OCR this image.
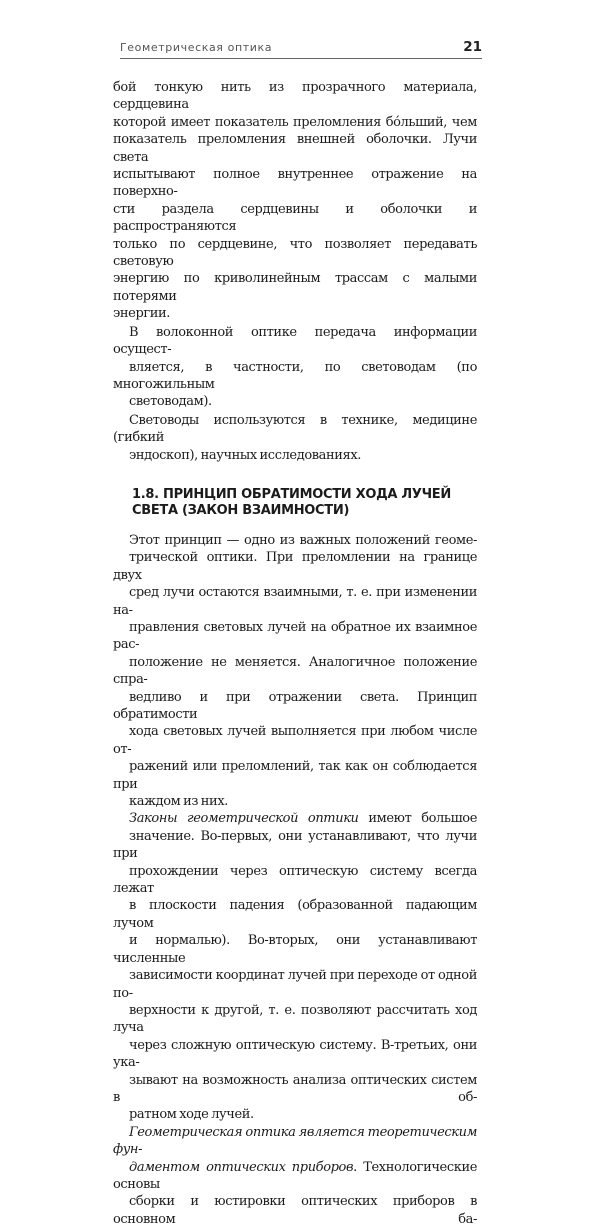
Геометрическая оптика	21

бой тонкую нить из прозрачного материала, сердцевина
которой имеет показатель преломления бо́льший, чем
показатель преломления внешней оболочки. Лучи света
испытывают полное внутреннее отражение на поверхно-
сти раздела сердцевины и оболочки и распространяются
только по сердцевине, что позволяет передавать световую
энергию по криволинейным трассам с малыми потерями
энергии.

В волоконной оптике передача информации осущест-
вляется, в частности, по световодам (по многожильным
световодам).

Световоды используются в технике, медицине (гибкий
эндоскоп), научных исследованиях.

1.8. ПРИНЦИП ОБРАТИМОСТИ ХОДА ЛУЧЕЙ
СВЕТА (ЗАКОН ВЗАИМНОСТИ)

Этот принцип — одно из важных положений геоме-
трической оптики. При преломлении на границе двух
сред лучи остаются взаимными, т. е. при изменении на-
правления световых лучей на обратное их взаимное рас-
положение не меняется. Аналогичное положение спра-
ведливо и при отражении света. Принцип обратимости
хода световых лучей выполняется при любом числе от-
ражений или преломлений, так как он соблюдается при
каждом из них.

Законы геометрической оптики имеют большое
значение. Во-первых, они устанавливают, что лучи при
прохождении через оптическую систему всегда лежат
в плоскости падения (образованной падающим лучом
и нормалью). Во-вторых, они устанавливают численные
зависимости координат лучей при переходе от одной по-
верхности к другой, т. е. позволяют рассчитать ход луча
через сложную оптическую систему. В-третьих, они ука-
зывают на возможность анализа оптических систем в об-
ратном ходе лучей.

Геометрическая оптика является теоретическим фун-
даментом оптических приборов. Технологические основы
сборки и юстировки оптических приборов в основном ба-
